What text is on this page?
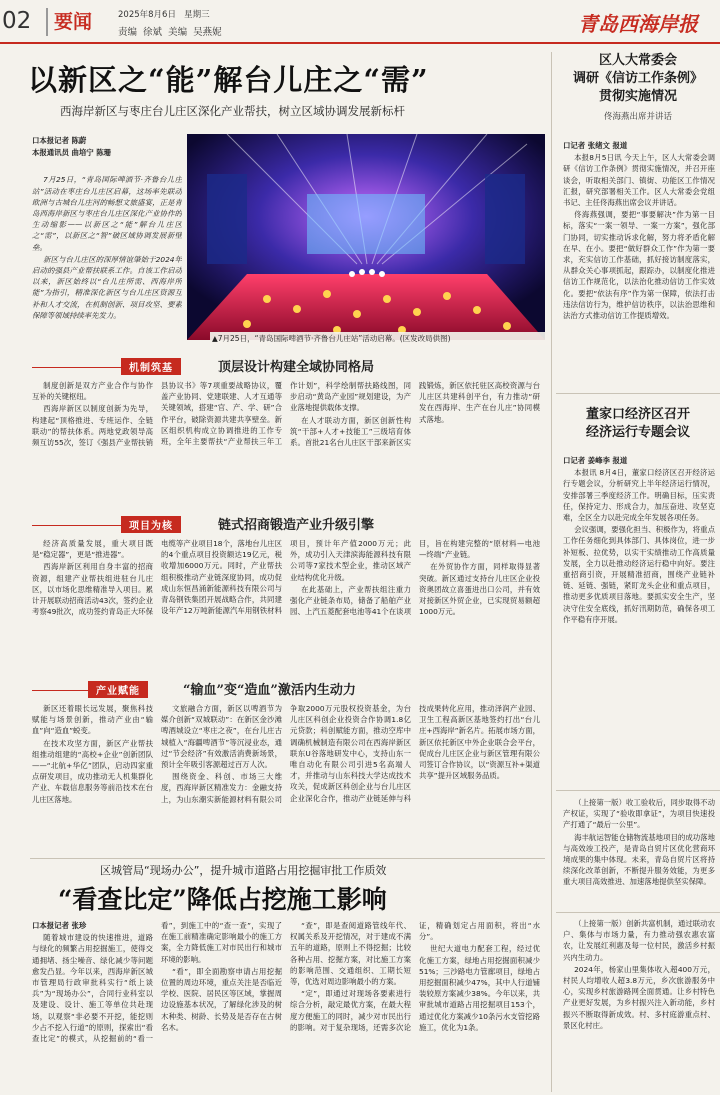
02 要闻	2025年8月6日 星期三
责编  徐斌  美编  吴燕妮	青岛西海岸报
以新区之“能”解台儿庄之“需”
西海岸新区与枣庄台儿庄区深化产业帮扶，树立区域协调发展新标杆

口本报记者 陈蔚

本报通讯员 曲培宁 陈珊

7月25日，“青岛国际啤酒节·齐鲁台儿庄站”活动在枣庄台儿庄区启幕，这场率先联动欧洲与古城台儿庄河的畅想文旅盛宴，正是青岛西海岸新区与枣庄台儿庄区深化产业协作的生动缩影——以新区之“能”解台儿庄区之“需”，以新区之“智”破区域协调发展新壁垒。

新区与台儿庄区的深厚情谊肇始于2024年启动的强县产业帮扶联系工作。自该工作启动以来，新区始终以“台儿庄所需、西海岸所能”为指引，精准深化新区与台儿庄区资源互补和人才交流，在机制创新、项目攻坚、要素保障等领域持续率先发力。

▲7月25日，“青岛国际啤酒节·齐鲁台儿庄站”活动启幕。(区发改局供图)
机制筑基	顶层设计构建全域协同格局

制度创新是双方产业合作与协作互补的关键枢纽。

西海岸新区以制度创新为先导，构建起“顶格推进、专班运作、全链联动”的帮扶体系。两地党政领导高频互访55次，签订《强县产业帮扶销县协议书》等7项重要战略协议，覆盖产业协同、党建联建、人才互通等关键领域，搭建“官、产、学、研”合作平台，破除资源共建共享壁垒。新区组织机构成立协调推进的工作专班，全年主要帮扶“产业帮扶三年工作计划”，科学绘制帮扶路线图，同步启动“黄岛产业园”规划建设，为产业落地提供载体支撑。

在人才联动方面，新区创新性构筑“干部+人才+技能工”三级培育体系。首批21名台儿庄区干部来新区实践锻炼，新区依托驻区高校资源与台儿庄区共建科创平台，有力推动“研发在西海岸、生产在台儿庄”协同模式落地。

项目为核	链式招商锻造产业升级引擎

经济高质量发展，重大项目既是“稳定器”，更是“推进器”。

西海岸新区利用自身丰富的招商资源，组建产业帮扶组进驻台儿庄区，以市场化思维精准导入项目。累计开展联动招商活动43次，签约企业考察49批次，成功签约青岛正大环保电缆等产业项目18个，落地台儿庄区的4个重点项目投资额达19亿元，税收增加6000万元。同时，产业帮扶组积极推动产业链深度协同，成功促成山东恒昌涌新能源科技有限公司与青岛钢铁集团开展战略合作，共同建设年产12万吨新能源汽车用钢铁材料项目，预计年产值2000万元；此外，成功引入天津滨海能源科技有限公司等7家技术型企业，推动区域产业结构优化升级。

在此基础上，产业帮扶组注重力强化产业链条布局，储备了船舶产业园、上汽五菱配套电池等41个在谈项目，旨在构建完整的“原材料—电池—终端”产业链。

在外贸协作方面，同样取得显著突破。新区通过支持台儿庄区企业投资奥团故立喜蛋进出口公司，并有效对接新区外贸企业，已实现贸易额超1000万元。

产业赋能	“输血”变“造血”激活内生动力

新区还着眼长远发展，聚焦科技赋能与场景创新，推动产业由“输血”向“造血”蜕变。

在技术攻坚方面，新区产业帮扶组推动组建的“高校+企业”创新团队——“北航+华亿”团队，启动四家重点研发项目，成功推动无人机集群化产业、车载信息服务等前沿技术在台儿庄区落地。

文旅融合方面，新区以啤酒节为媒介创新“双城联动”：在新区金沙滩啤酒城设立“枣庄之夜”，在台儿庄古城植入“海疆啤酒节”等沉浸业态，通过“节会经济”有效激活消费新场景，预计全年吸引客源超过百万人次。

围绕资金、科创、市场三大维度，西海岸新区精准发力：金融支持上，为山东潮实新能源材料有限公司争取2000万元股权投资基金，为台儿庄区科创企业投资合作协调1.8亿元贷款；科创赋能方面，推动空库中调确机械制造有限公司在西海岸新区联东U谷落地研发中心，支持山东一唯自动化有限公司引进5名高端人才，并推动与山东科技大学达成技术攻关，促成新区科创企业与台儿庄区企业深化合作，推动产业链延伸与科技成果转化应用，推动泽润产业园、卫生工程高新区基地签约打出“台儿庄+西海岸”新名片。拓展市场方面，新区依托新区中外企业联合会平台，促成台儿庄区企业与新区管理有限公司签订合作协议，以“资源互补+渠道共享”提升区域服务品质。

区人大常委会
调研《信访工作条例》
贯彻实施情况
佟海燕出席并讲话

口记者 张绪文 报道

本报8月5日讯 今天上午，区人大常委会调研《信访工作条例》贯彻实施情况，并召开座谈会，听取相关部门、镇街、功能区工作情况汇报，研究部署相关工作。区人大常委会党组书记、主任佟海燕出席会议并讲话。

佟海燕强调，要把“事要解决”作为第一目标，落实“一案一领导、一案一方案”，强化部门协同，切实推动诉求化解，努力将矛盾化解在早、在小。要把“做好群众工作”作为第一要求，充实信访工作基础，抓好接访制度落实，从群众关心事项抓起，跟踪办，以制度化推进信访工作规范化，以法治化推动信访工作实效化。要把“依法有序”作为第一保障，依法打击违法信访行为，维护信访秩序，以法治思维和法治方式推动信访工作提质增效。

董家口经济区召开
经济运行专题会议

口记者 姜峰李 报道

本报讯 8月4日，董家口经济区召开经济运行专题会议，分析研究上半年经济运行情况，安排部署三季度经济工作。明确目标，压实责任，保持定力、形成合力，加压奋进、攻坚克难，全区全力以赴完成全年发展各项任务。

会议强调，要强化担当、积极作为，将重点工作任务细化到具体部门、具体岗位，进一步补短板、拉优势，以实干实绩推动工作高质量发展，全力以赴推动经济运行稳中向好。要注重招商引资，开展精准招商，围绕产业链补链、延链、强链，紧盯龙头企业和重点项目，推动更多优质项目落地。要抓实安全生产，坚决守住安全底线，抓好汛期防范，确保各项工作平稳有序开展。

（上接第一版）收工验收后，同步取得不动产权证，实现了“验收即拿证”，为项目快速投产打通了“最后一公里”。

海丰航运智能仓储物流基地项目的成功落地与高效竣工投产，是青岛自贸片区优化营商环境成果的集中体现。未来，青岛自贸片区将持续深化改革创新，不断提升服务效能，为更多重大项目高效推进、加速落地提供坚实保障。

（上接第一版）创新共富机制，通过联动农户、集体与市场力量，有力推动强农惠农富农，让发展红利惠及每一位村民，激活乡村振兴内生动力。

2024年，杨家山里集体收入超400万元，村民人均增收人超3.8万元，乡次旅游服务中心，实现乡村旅游路网全面贯通。让乡村特色产业更好发展，为乡村振兴注入新动能，乡村振兴不断取得新成效。村、多村庭游重点村、景区化村庄。

区城管局“现场办公”，提升城市道路占用挖掘审批工作质效
“看查比定”降低占挖施工影响

口本报记者 张珍

随着城市建设的快速推进，道路与绿化的频繁占用挖掘施工，使得交通拥堵、扬尘噪音、绿化减少等问题愈发凸显。今年以来，西海岸新区城市管理局行政审批科实行“纸上谈兵”为“现场办公”，合同行业科室以及建设、设计、施工等单位共赴现场，以观察“非必要不开挖，能挖则少占不挖入行道”的原则，探索出“看查比定”的模式，从挖掘前的“看一看”，到施工中的“查一查”，实现了在施工前精准确定影响最小的施工方案，全力降低施工对市民出行和城市环境的影响。

“看”，即全面勘察申请占用挖掘位置的周边环境，重点关注是否临近学校、医院、居民区等区域，掌握周边设施基本状况，了解绿化涉及的树木种类、树龄、长势及是否存在古树名木。

“查”，即是查阅道路管线年代、权属关系及开挖情况，对于建成不满五年的道路，原则上不得挖掘；比较各种占用、挖掘方案，对比施工方案的影响范围、交通组织、工期长短等，优选对周边影响最小的方案。

“定”，即通过对现场各要素进行综合分析，敲定最优方案，在最大程度方便施工的同时，减少对市民出行的影响。对于复杂现场，还需多次论证，精确划定占用面积，将出“水分”。

世纪大道电力配套工程，经过优化施工方案，绿地占用挖掘面积减少51%；三沙路电力管廊项目，绿地占用挖掘面积减少47%，其中人行道铺装较原方案减少38%。今年以来，共审批城市道路占用挖掘项目153个，通过优化方案减少10条污水支管挖路施工，优化为1条。
